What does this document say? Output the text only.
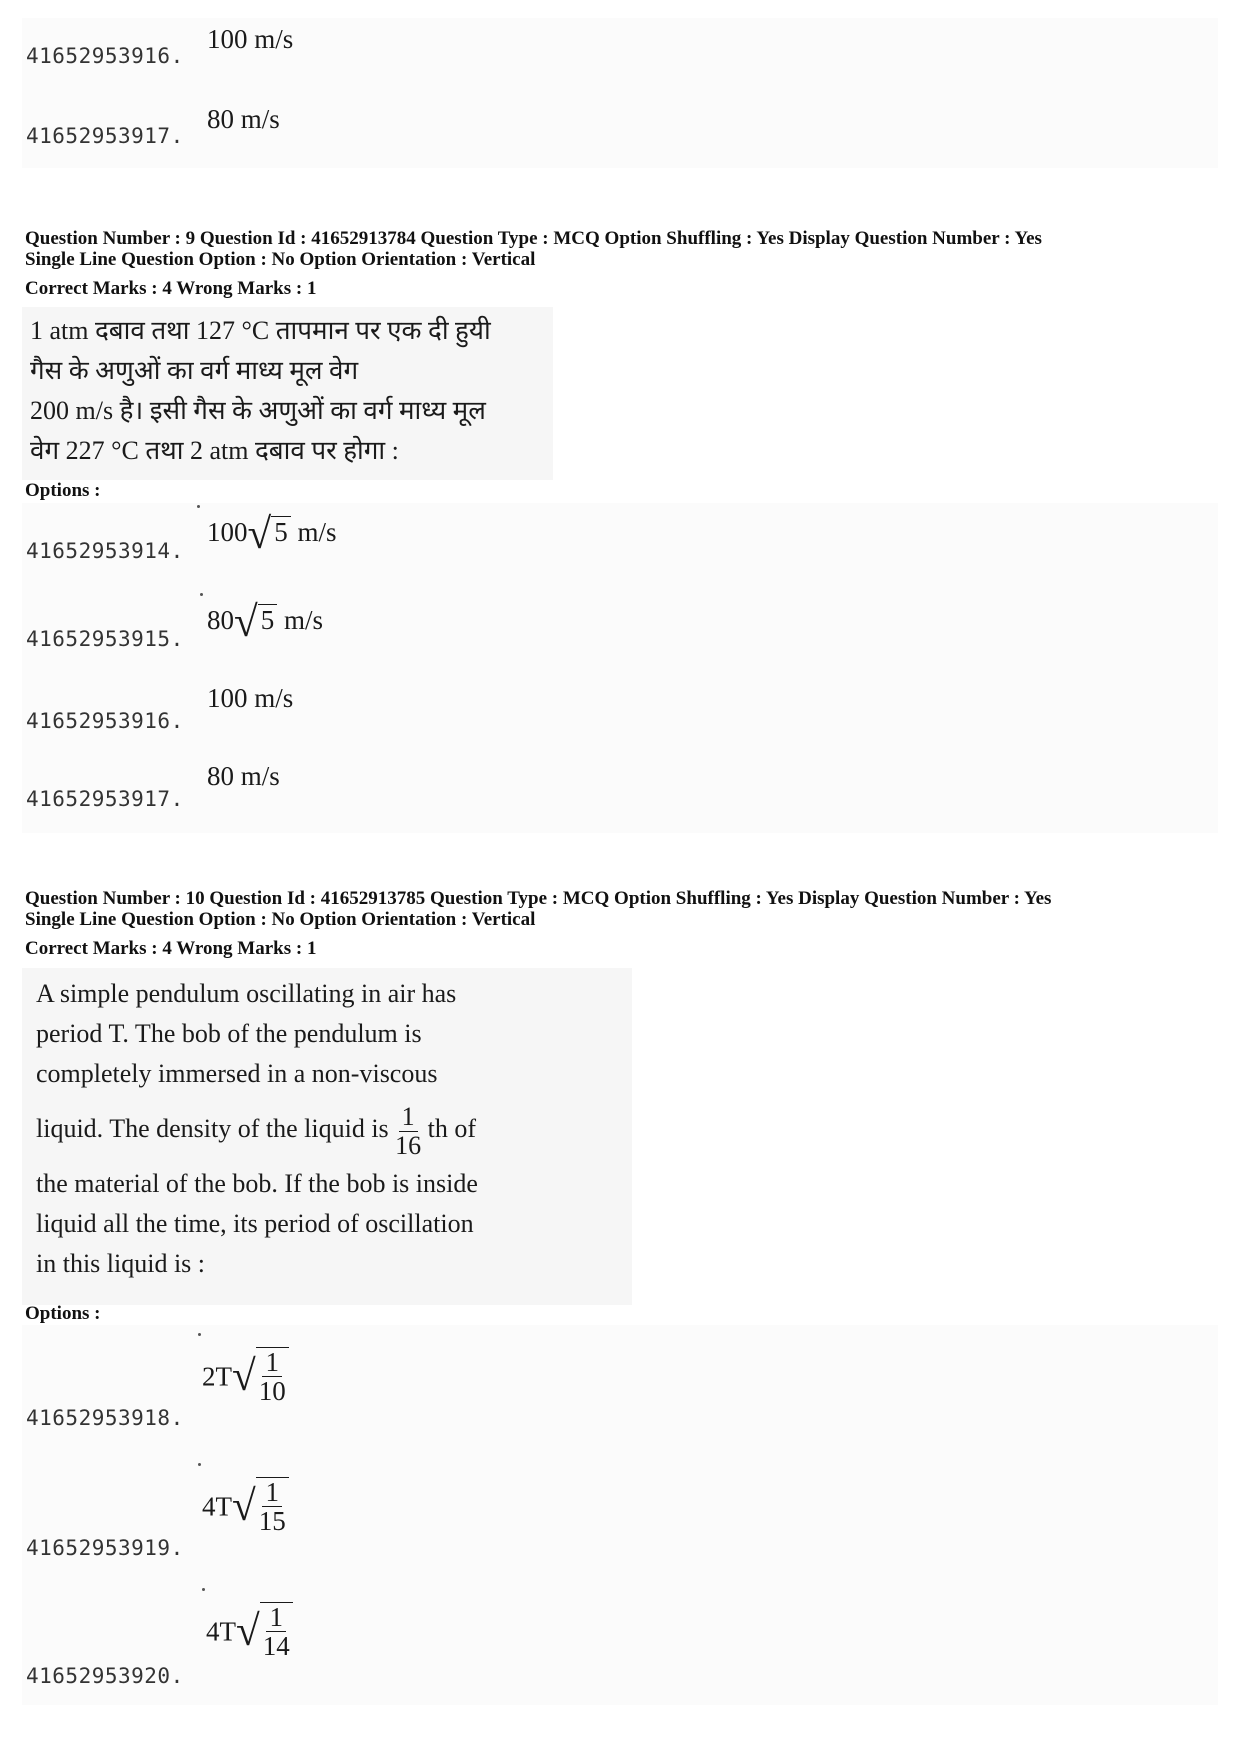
41652953916.
100 m/s
41652953917.
80 m/s
Question Number : 9 Question Id : 41652913784 Question Type : MCQ Option Shuffling : Yes Display Question Number : Yes
Single Line Question Option : No Option Orientation : Vertical
Correct Marks : 4 Wrong Marks : 1
1 atm दबाव तथा 127 °C तापमान पर एक दी हुयी
गैस के अणुओं का वर्ग माध्य मूल वेग
200 m/s है। इसी गैस के अणुओं का वर्ग माध्य मूल
वेग 227 °C तथा 2 atm दबाव पर होगा :
Options :
41652953914.
100√ 5 m/s
41652953915.
80√ 5 m/s
41652953916.
100 m/s
41652953917.
80 m/s
Question Number : 10 Question Id : 41652913785 Question Type : MCQ Option Shuffling : Yes Display Question Number : Yes
Single Line Question Option : No Option Orientation : Vertical
Correct Marks : 4 Wrong Marks : 1
A simple pendulum oscillating in air has
period T. The bob of the pendulum is
completely immersed in a non-viscous
liquid. The density of the liquid is $\frac{1}{16}$ th of
the material of the bob. If the bob is inside
liquid all the time, its period of oscillation
in this liquid is :
Options :
41652953918.
$2T√ \frac{1}{10}$
41652953919.
$4T√ \frac{1}{15}$
41652953920.
$4T√ \frac{1}{14}$
